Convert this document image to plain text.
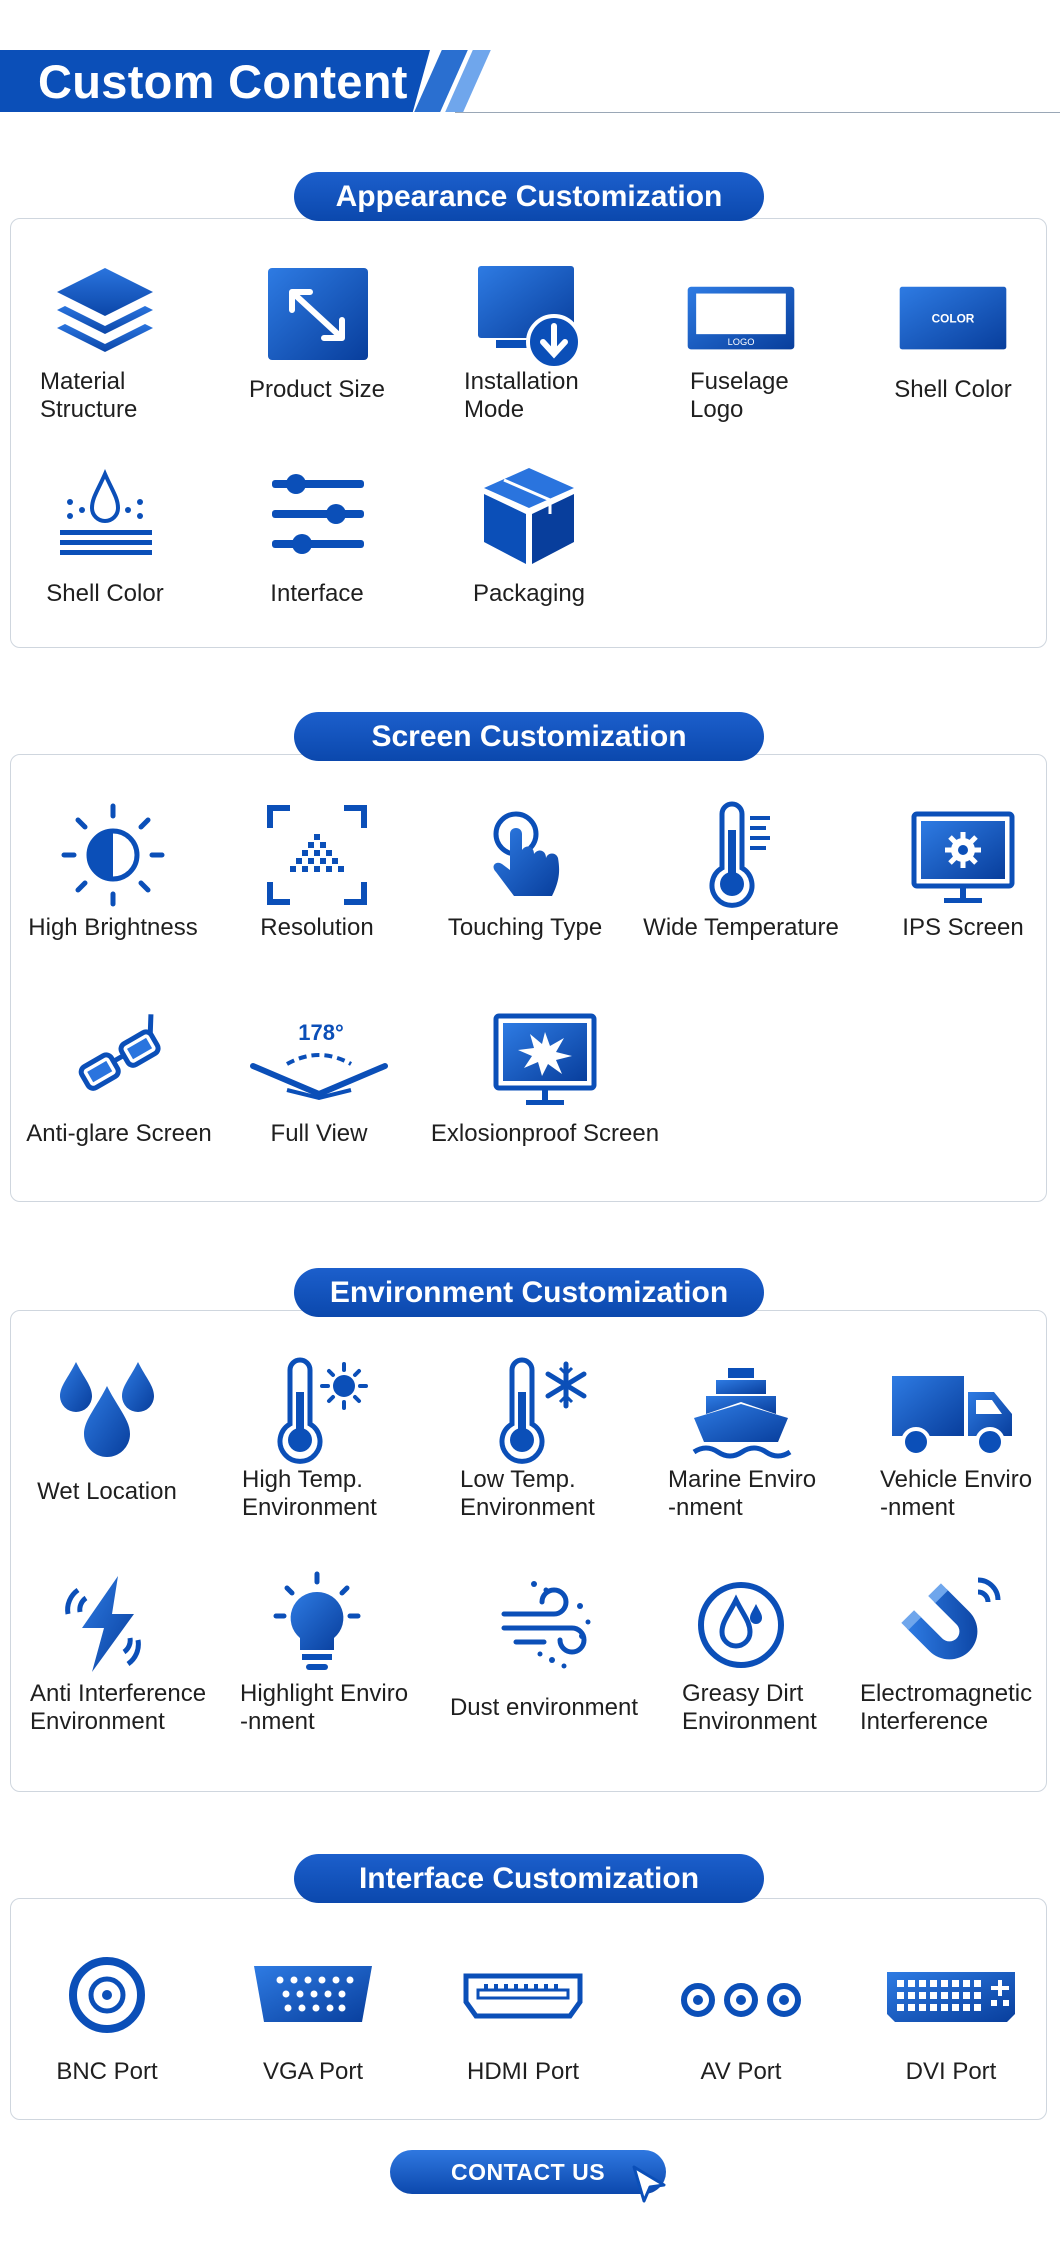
Custom Content
Appearance Customization
Material
Structure
Product Size	Installation
Mode
LOGO
Fuselage
Logo
COLOR
Shell Color
Shell Color	Interface	Packaging
Screen Customization
High Brightness	Resolution	Touching Type	Wide Temperature	IPS Screen
Anti-glare Screen
178°
Full View	Exlosionproof Screen
Environment Customization
Wet Location	High Temp.
Environment
Low Temp.
Environment
Marine Enviro
-nment
Vehicle Enviro
-nment
Anti Interference
Environment
Highlight Enviro
-nment
Dust environment
Greasy Dirt
Environment
Electromagnetic
Interference
Interface Customization
BNC Port	VGA Port	HDMI Port	AV Port	DVI Port
CONTACT US
